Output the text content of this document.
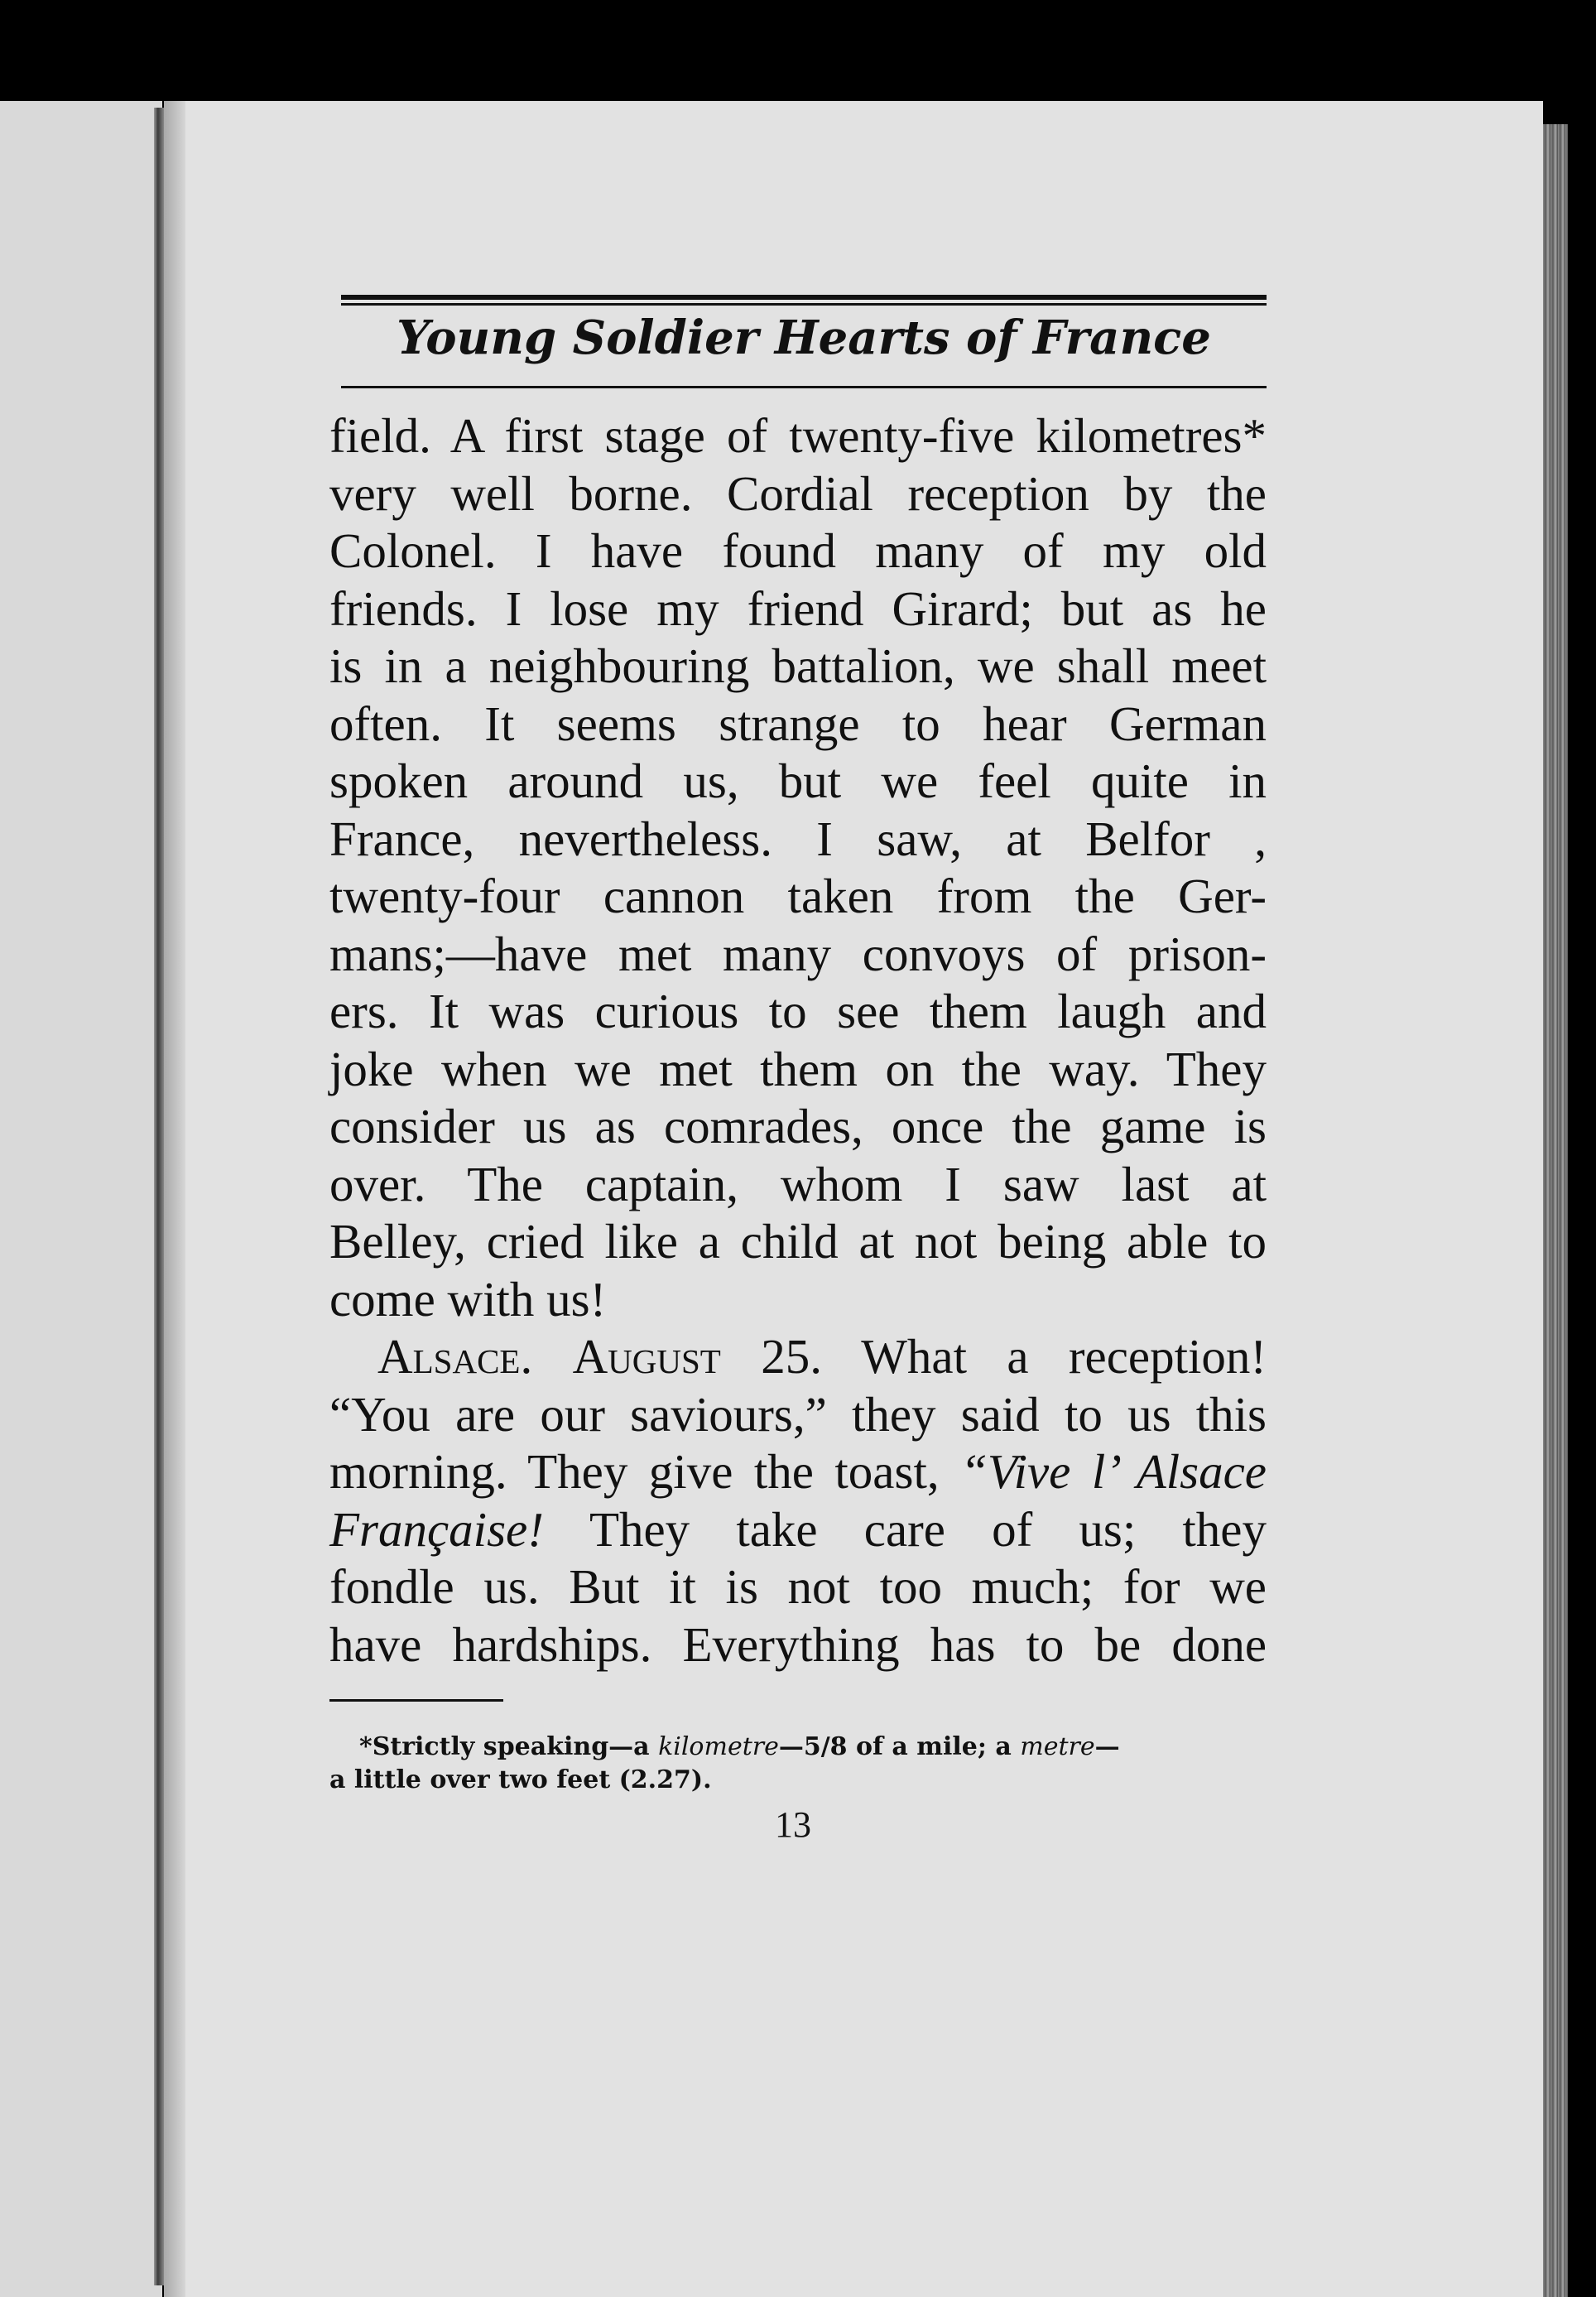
Young Soldier Hearts of France
field. A first stage of twenty-five kilometres*
very well borne. Cordial reception by the
Colonel. I have found many of my old
friends. I lose my friend Girard; but as he
is in a neighbouring battalion, we shall meet
often. It seems strange to hear German
spoken around us, but we feel quite in
France, nevertheless. I saw, at Belfor ,
twenty-four cannon taken from the Ger-
mans;—have met many convoys of prison-
ers. It was curious to see them laugh and
joke when we met them on the way. They
consider us as comrades, once the game is
over. The captain, whom I saw last at
Belley, cried like a child at not being able to
come with us!
Alsace. August 25. What a reception!
“You are our saviours,” they said to us this
morning. They give the toast, “Vive l’ Alsace
Française! They take care of us; they
fondle us. But it is not too much; for we
have hardships. Everything has to be done
*Strictly speaking—a kilometre—5/8 of a mile; a metre—
a little over two feet (2.27).
13
